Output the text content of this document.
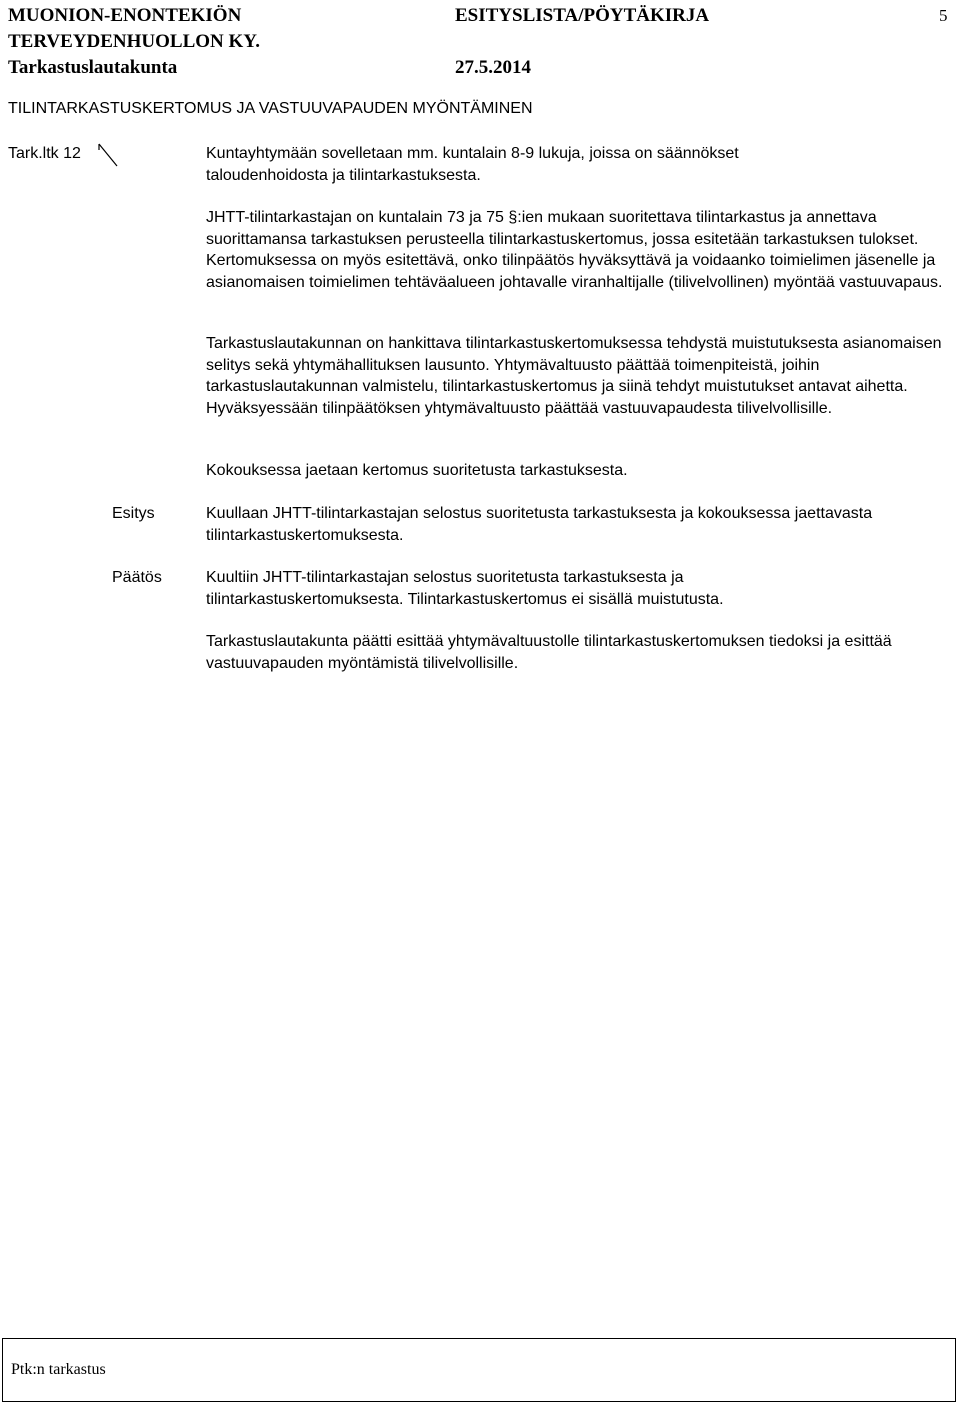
MUONION-ENONTEKIÖN
TERVEYDENHUOLLON KY.
Tarkastuslautakunta
ESITYSLISTA/PÖYTÄKIRJA
27.5.2014
5
TILINTARKASTUSKERTOMUS JA VASTUUVAPAUDEN MYÖNTÄMINEN
Tark.ltk 12	Kuntayhtymään sovelletaan mm. kuntalain 8-9 lukuja, joissa on säännökset taloudenhoidosta ja tilintarkastuksesta.
JHTT-tilintarkastajan on kuntalain 73 ja 75 §:ien mukaan suoritettava tilintarkastus ja annettava suorittamansa tarkastuksen perusteella tilintarkastuskertomus, jossa esitetään tarkastuksen tulokset. Kertomuksessa on myös esitettävä, onko tilinpäätös hyväksyttävä ja voidaanko toimielimen jäsenelle ja asianomaisen toimielimen tehtäväalueen johtavalle viranhaltijalle (tilivelvollinen) myöntää vastuuvapaus.
Tarkastuslautakunnan on hankittava tilintarkastuskertomuksessa tehdystä muistutuksesta asianomaisen selitys sekä yhtymähallituksen lausunto. Yhtymävaltuusto päättää toimenpiteistä, joihin tarkastuslautakunnan valmistelu, tilintarkastuskertomus ja siinä tehdyt muistutukset antavat aihetta. Hyväksyessään tilinpäätöksen yhtymävaltuusto päättää vastuuvapaudesta tilivelvollisille.
Kokouksessa jaetaan kertomus suoritetusta tarkastuksesta.
Esitys	Kuullaan JHTT-tilintarkastajan selostus suoritetusta tarkastuksesta ja kokouksessa jaettavasta tilintarkastuskertomuksesta.
Päätös	Kuultiin JHTT-tilintarkastajan selostus suoritetusta tarkastuksesta ja tilintarkastuskertomuksesta. Tilintarkastuskertomus ei sisällä muistutusta.
Tarkastuslautakunta päätti esittää yhtymävaltuustolle tilintarkastuskertomuksen tiedoksi ja esittää vastuuvapauden myöntämistä tilivelvollisille.
Ptk:n tarkastus
